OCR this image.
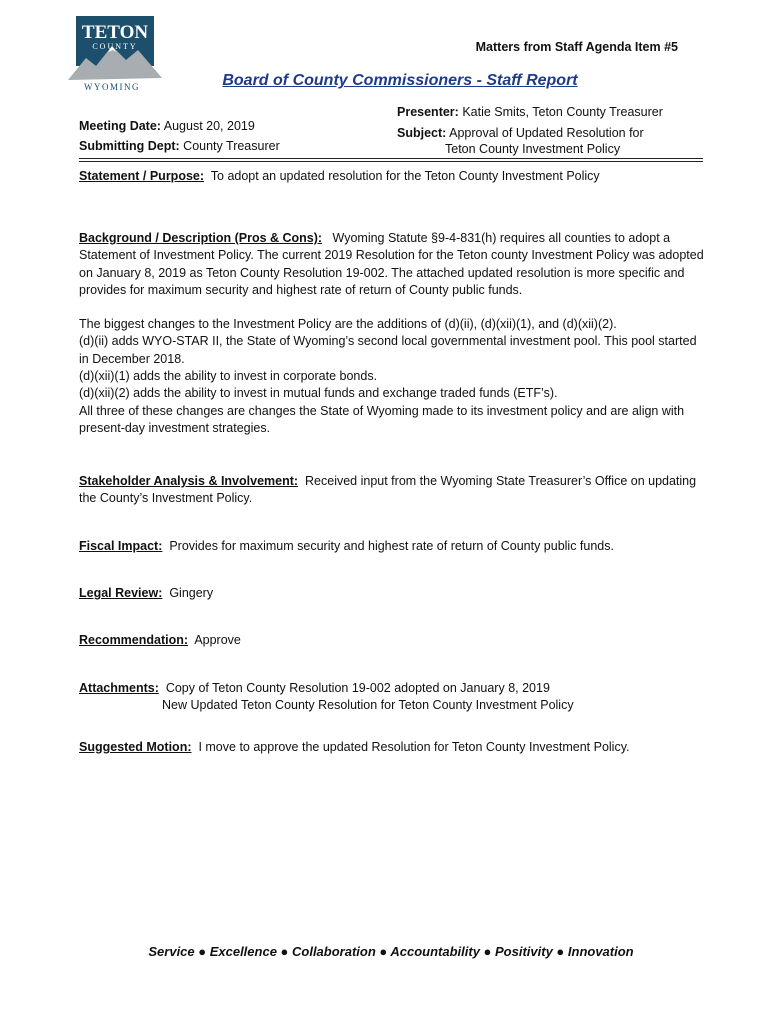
TETON
COUNTY
WYOMING
Matters from Staff Agenda Item #5
Board of County Commissioners - Staff Report
Meeting Date: August 20, 2019
Submitting Dept: County Treasurer
Presenter: Katie Smits, Teton County Treasurer
Subject: Approval of Updated Resolution for
Teton County Investment Policy
Statement / Purpose: To adopt an updated resolution for the Teton County Investment Policy

Background / Description (Pros & Cons): Wyoming Statute §9-4-831(h) requires all counties to adopt a Statement of Investment Policy. The current 2019 Resolution for the Teton county Investment Policy was adopted on January 8, 2019 as Teton County Resolution 19-002. The attached updated resolution is more specific and provides for maximum security and highest rate of return of County public funds.

The biggest changes to the Investment Policy are the additions of (d)(ii), (d)(xii)(1), and (d)(xii)(2).

(d)(ii) adds WYO-STAR II, the State of Wyoming’s second local governmental investment pool. This pool started in December 2018.

(d)(xii)(1) adds the ability to invest in corporate bonds.

(d)(xii)(2) adds the ability to invest in mutual funds and exchange traded funds (ETF’s).

All three of these changes are changes the State of Wyoming made to its investment policy and are align with present-day investment strategies.

Stakeholder Analysis & Involvement: Received input from the Wyoming State Treasurer’s Office on updating the County’s Investment Policy.
Fiscal Impact: Provides for maximum security and highest rate of return of County public funds.
Legal Review: Gingery
Recommendation: Approve

Attachments: Copy of Teton County Resolution 19-002 adopted on January 8, 2019

New Updated Teton County Resolution for Teton County Investment Policy

Suggested Motion: I move to approve the updated Resolution for Teton County Investment Policy.
Service ● Excellence ● Collaboration ● Accountability ● Positivity ● Innovation
